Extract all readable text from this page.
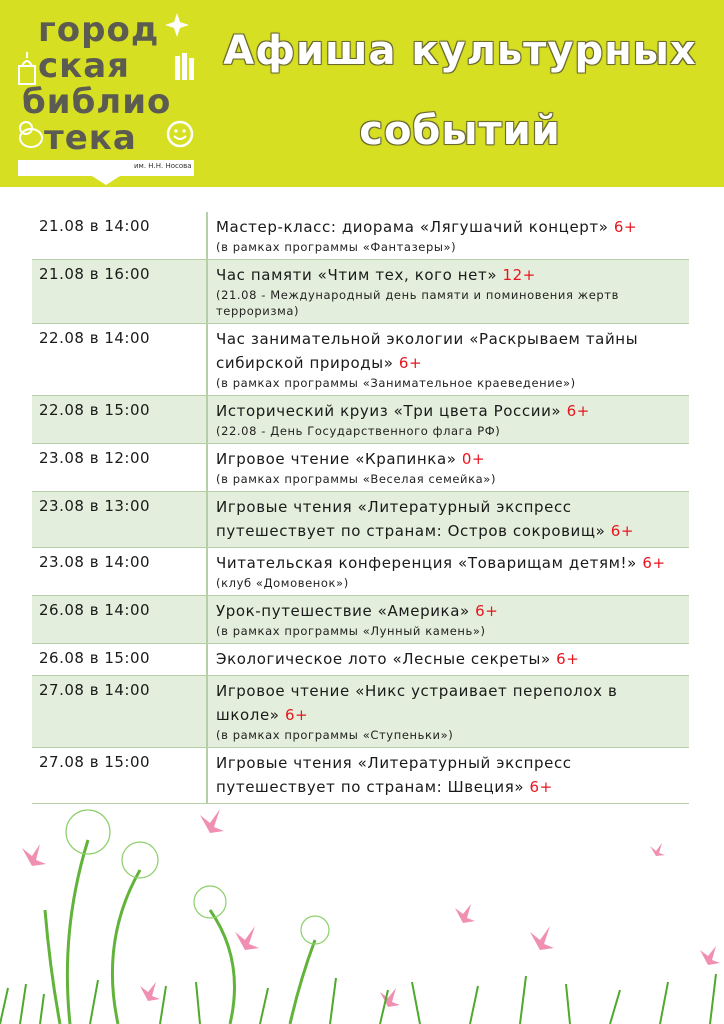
город
ская
библио
тека
им. Н.Н. Носова
Афиша культурных
событий
21.08 в 14:00	Мастер-класс: диорама «Лягушачий концерт» 6+
(в рамках программы «Фантазеры»)
21.08 в 16:00	Час памяти «Чтим тех, кого нет» 12+
(21.08 - Международный день памяти и поминовения жертв терроризма)
22.08 в 14:00	Час занимательной экологии «Раскрываем тайны сибирской природы» 6+
(в рамках программы «Занимательное краеведение»)
22.08 в 15:00	Исторический круиз «Три цвета России» 6+
(22.08 - День Государственного флага РФ)
23.08 в 12:00	Игровое чтение «Крапинка» 0+
(в рамках программы «Веселая семейка»)
23.08 в 13:00	Игровые чтения «Литературный экспресс путешествует по странам: Остров сокровищ» 6+
23.08 в 14:00	Читательская конференция «Товарищам детям!» 6+
(клуб «Домовенок»)
26.08 в 14:00	Урок-путешествие «Америка» 6+
(в рамках программы «Лунный камень»)
26.08 в 15:00	Экологическое лото «Лесные секреты» 6+
27.08 в 14:00	Игровое чтение «Никс устраивает переполох в школе» 6+
(в рамках программы «Ступеньки»)
27.08 в 15:00	Игровые чтения «Литературный экспресс путешествует по странам: Швеция» 6+
